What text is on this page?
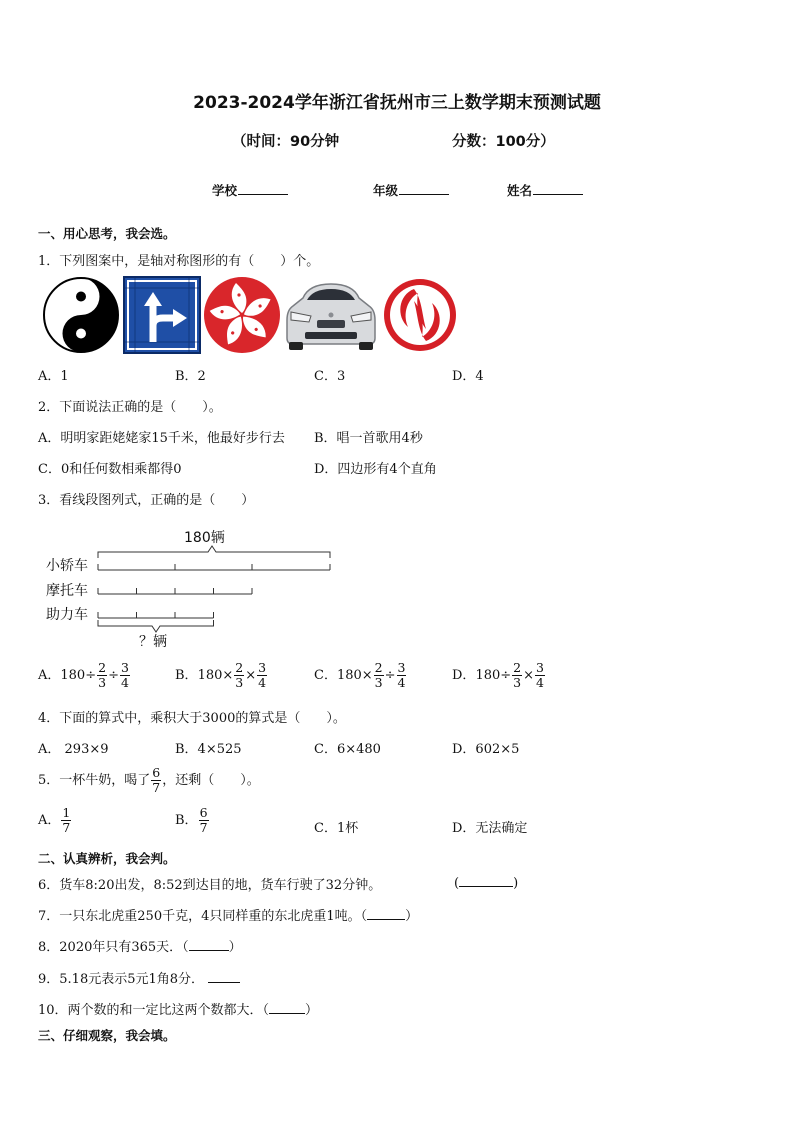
2023-2024学年浙江省抚州市三上数学期末预测试题
（时间：90分钟	分数：100分）
学校	年级	姓名
一、用心思考，我会选。
1．下列图案中，是轴对称图形的有（　　）个。
A．1	B．2	C．3	D．4
2．下面说法正确的是（　　）。
A．明明家距姥姥家15千米，他最好步行去 B．唱一首歌用4秒
C．0和任何数相乘都得0	D．四边形有4个直角
3．看线段图列式，正确的是（　　）
180辆
小轿车
摩托车
助力车
？辆
A．$180\div \frac{2}{3} \div \frac{3}{4}$	B．$180\times \frac{2}{3} \times \frac{3}{4}$	C．$180\times \frac{2}{3} \div \frac{3}{4}$	D．$180\div \frac{2}{3} \times \frac{3}{4}$
4．下面的算式中，乘积大于3000的算式是（　　）。
A． 293×9	B．4×525	C．6×480	D．602×5
5．一杯牛奶，喝了 $\frac{6}{7}$ ，还剩（　　）。
A． $\frac{1}{7}$	B． $\frac{6}{7}$	C．1杯	D．无法确定
二、认真辨析，我会判。
6．货车8:20出发，8:52到达目的地，货车行驶了32分钟。	(	)
7．一只东北虎重250千克，4只同样重的东北虎重1吨。（	）
8．2020年只有365天．（	）
9．5.18元表示5元1角8分．
10．两个数的和一定比这两个数都大．（	）
三、仔细观察，我会填。
